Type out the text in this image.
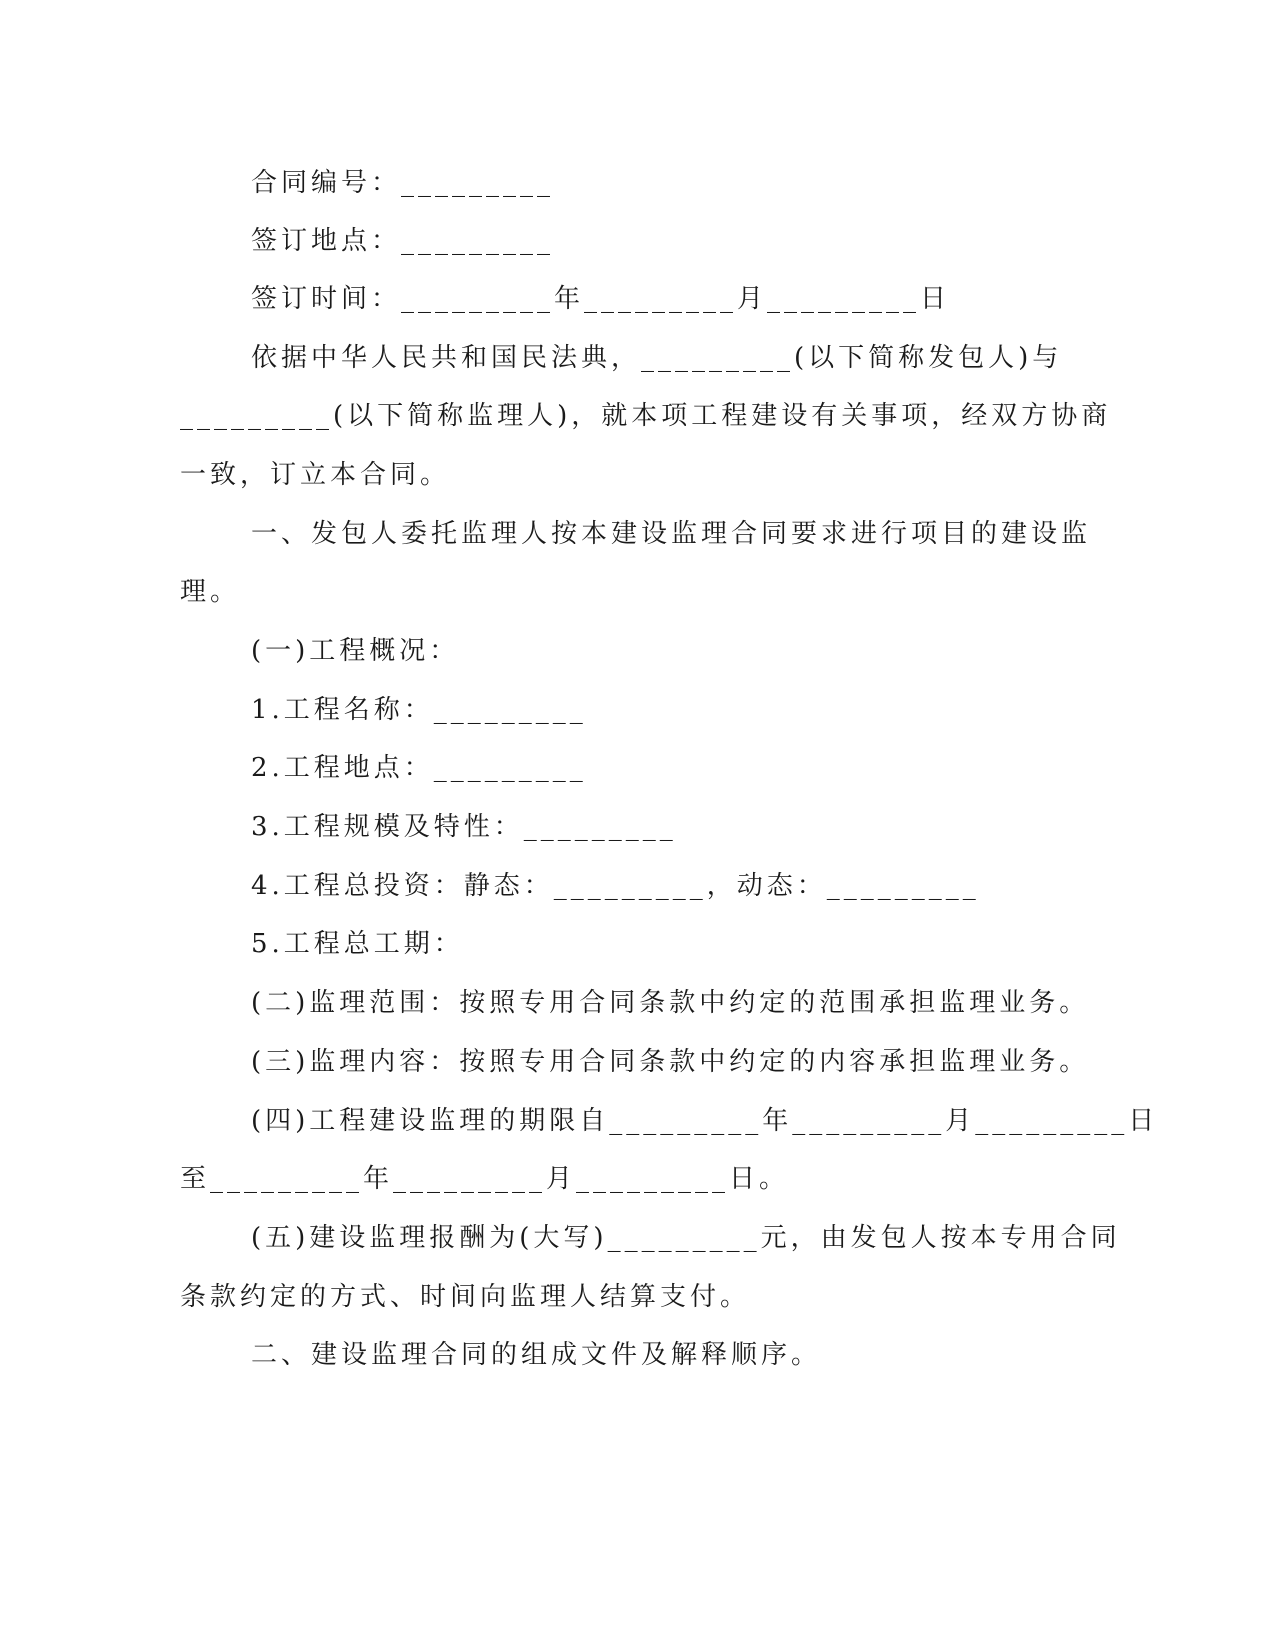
合同编号：_________
签订地点：_________
签订时间：_________年_________月_________日
依据中华人民共和国民法典，_________(以下简称发包人)与
_________(以下简称监理人)，就本项工程建设有关事项，经双方协商
一致，订立本合同。
一、发包人委托监理人按本建设监理合同要求进行项目的建设监
理。
(一)工程概况：
1.工程名称：_________
2.工程地点：_________
3.工程规模及特性：_________
4.工程总投资：静态：_________，动态：_________
5.工程总工期：
(二)监理范围：按照专用合同条款中约定的范围承担监理业务。
(三)监理内容：按照专用合同条款中约定的内容承担监理业务。
(四)工程建设监理的期限自_________年_________月_________日
至_________年_________月_________日。
(五)建设监理报酬为(大写)_________元，由发包人按本专用合同
条款约定的方式、时间向监理人结算支付。
二、建设监理合同的组成文件及解释顺序。
